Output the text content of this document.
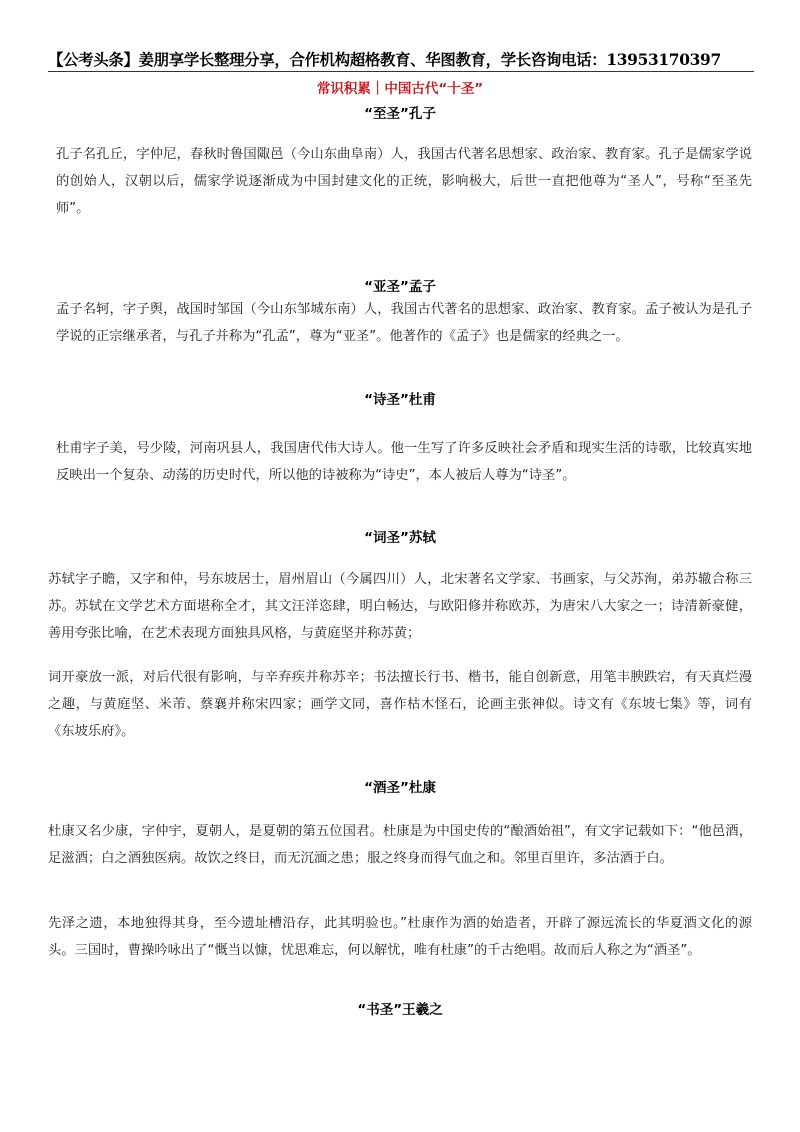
【公考头条】姜朋享学长整理分享，合作机构超格教育、华图教育，学长咨询电话：13953170397
常识积累｜中国古代“十圣”
“至圣”孔子
孔子名孔丘，字仲尼，春秋时鲁国陬邑（今山东曲阜南）人，我国古代著名思想家、政治家、教育家。孔子是儒家学说的创始人，汉朝以后，儒家学说逐渐成为中国封建文化的正统，影响极大，后世一直把他尊为“圣人”，号称“至圣先师”。
“亚圣”孟子
孟子名轲，字子舆，战国时邹国（今山东邹城东南）人，我国古代著名的思想家、政治家、教育家。孟子被认为是孔子学说的正宗继承者，与孔子并称为“孔孟”，尊为“亚圣”。他著作的《孟子》也是儒家的经典之一。
“诗圣”杜甫
杜甫字子美，号少陵，河南巩县人，我国唐代伟大诗人。他一生写了许多反映社会矛盾和现实生活的诗歌，比较真实地反映出一个复杂、动荡的历史时代，所以他的诗被称为“诗史”，本人被后人尊为“诗圣”。
“词圣”苏轼
苏轼字子瞻，又字和仲，号东坡居士，眉州眉山（今属四川）人，北宋著名文学家、书画家，与父苏洵，弟苏辙合称三苏。苏轼在文学艺术方面堪称全才，其文汪洋恣肆，明白畅达，与欧阳修并称欧苏，为唐宋八大家之一；诗清新豪健，善用夸张比喻，在艺术表现方面独具风格，与黄庭坚并称苏黄；
词开豪放一派，对后代很有影响，与辛弃疾并称苏辛；书法擅长行书、楷书，能自创新意，用笔丰腴跌宕，有天真烂漫之趣，与黄庭坚、米芾、蔡襄并称宋四家；画学文同，喜作枯木怪石，论画主张神似。诗文有《东坡七集》等，词有《东坡乐府》。
“酒圣”杜康
杜康又名少康，字仲宇，夏朝人，是夏朝的第五位国君。杜康是为中国史传的“酿酒始祖”，有文字记载如下：“他邑酒，足滋酒；白之酒独医病。故饮之终日，而无沉湎之患；服之终身而得气血之和。邻里百里许，多沽酒于白。
先泽之遗，本地独得其身，至今遗址槽沿存，此其明验也。”杜康作为酒的始造者，开辟了源远流长的华夏酒文化的源头。三国时，曹操吟咏出了“慨当以慷，忧思难忘，何以解忧，唯有杜康”的千古绝唱。故而后人称之为“酒圣”。
“书圣”王羲之
